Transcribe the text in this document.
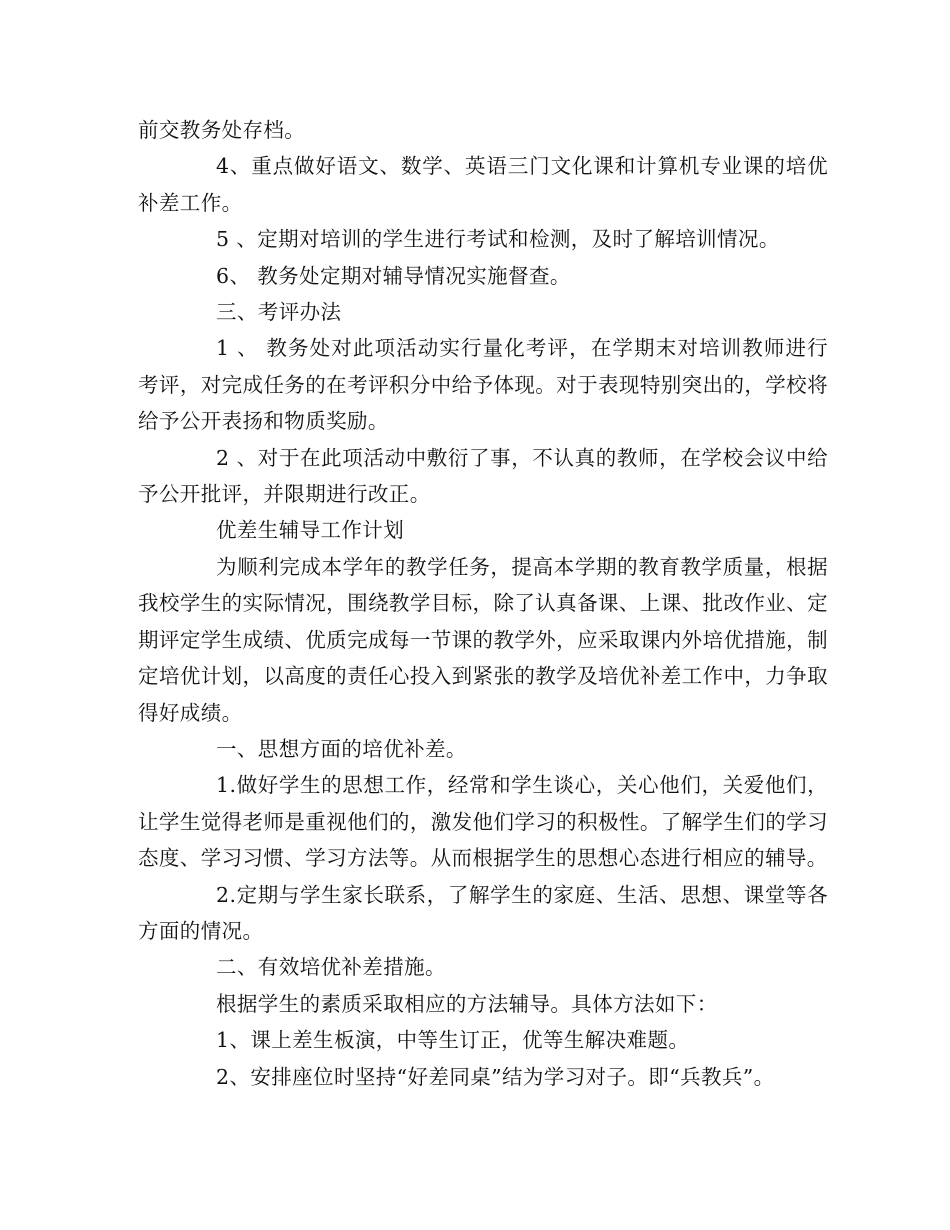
前交教务处存档。

4、重点做好语文、数学、英语三门文化课和计算机专业课的培优补差工作。

5 、定期对培训的学生进行考试和检测，及时了解培训情况。

6、 教务处定期对辅导情况实施督查。

三、考评办法

1 、 教务处对此项活动实行量化考评，在学期末对培训教师进行考评，对完成任务的在考评积分中给予体现。对于表现特别突出的，学校将给予公开表扬和物质奖励。

2 、对于在此项活动中敷衍了事，不认真的教师，在学校会议中给予公开批评，并限期进行改正。

优差生辅导工作计划

为顺利完成本学年的教学任务，提高本学期的教育教学质量，根据我校学生的实际情况，围绕教学目标，除了认真备课、上课、批改作业、定期评定学生成绩、优质完成每一节课的教学外，应采取课内外培优措施，制定培优计划，以高度的责任心投入到紧张的教学及培优补差工作中，力争取得好成绩。

一、思想方面的培优补差。

1.做好学生的思想工作，经常和学生谈心，关心他们，关爱他们，让学生觉得老师是重视他们的，激发他们学习的积极性。了解学生们的学习态度、学习习惯、学习方法等。从而根据学生的思想心态进行相应的辅导。

2.定期与学生家长联系，了解学生的家庭、生活、思想、课堂等各方面的情况。

二、有效培优补差措施。

根据学生的素质采取相应的方法辅导。具体方法如下：

1、课上差生板演，中等生订正，优等生解决难题。

2、安排座位时坚持“好差同桌”结为学习对子。即“兵教兵”。
